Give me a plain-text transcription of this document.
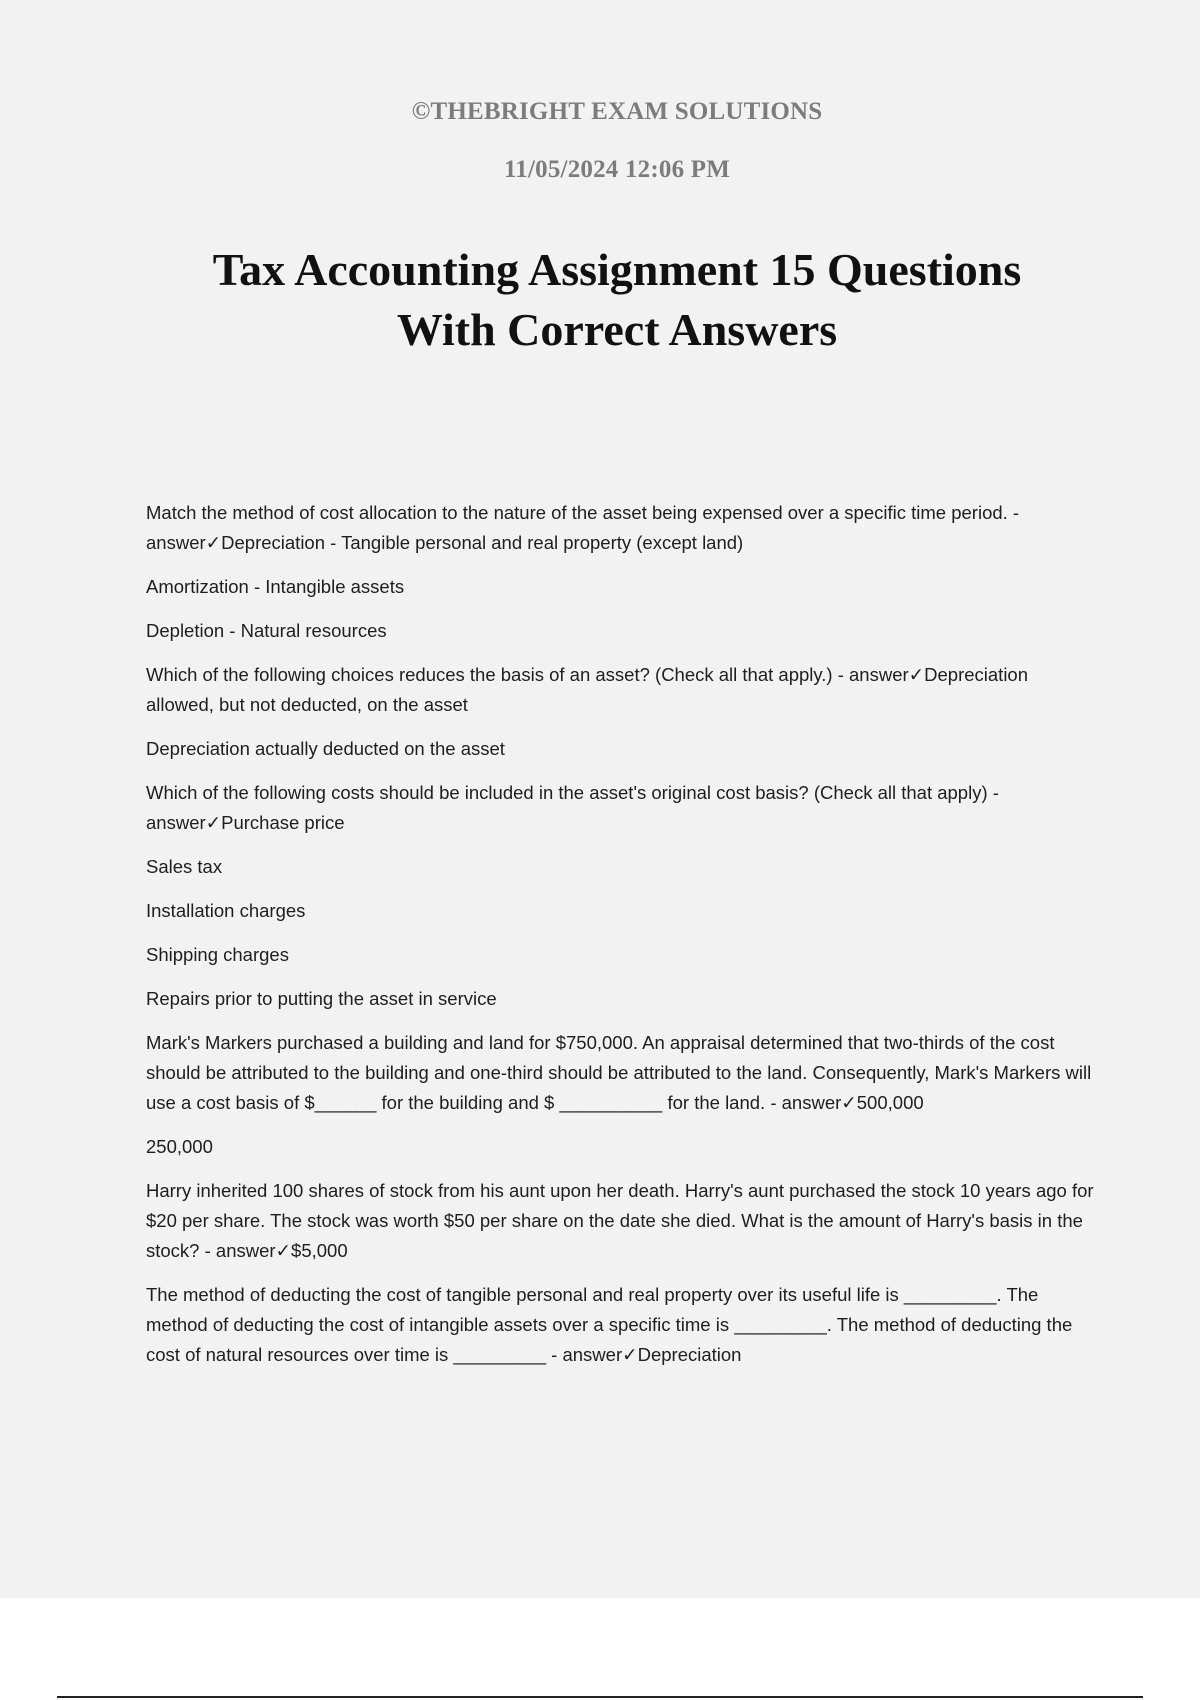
©THEBRIGHT EXAM SOLUTIONS
11/05/2024 12:06 PM
Tax Accounting Assignment 15 Questions
With Correct Answers

Match the method of cost allocation to the nature of the asset being expensed over a specific time period. - answer✓Depreciation - Tangible personal and real property (except land)

Amortization - Intangible assets

Depletion - Natural resources

Which of the following choices reduces the basis of an asset? (Check all that apply.) - answer✓Depreciation allowed, but not deducted, on the asset

Depreciation actually deducted on the asset

Which of the following costs should be included in the asset's original cost basis? (Check all that apply) - answer✓Purchase price

Sales tax

Installation charges

Shipping charges

Repairs prior to putting the asset in service

Mark's Markers purchased a building and land for $750,000. An appraisal determined that two-thirds of the cost should be attributed to the building and one-third should be attributed to the land. Consequently, Mark's Markers will use a cost basis of $______ for the building and $ __________ for the land. - answer✓500,000

250,000

Harry inherited 100 shares of stock from his aunt upon her death. Harry's aunt purchased the stock 10 years ago for $20 per share. The stock was worth $50 per share on the date she died. What is the amount of Harry's basis in the stock? - answer✓$5,000

The method of deducting the cost of tangible personal and real property over its useful life is _________. The method of deducting the cost of intangible assets over a specific time is _________. The method of deducting the cost of natural resources over time is _________ - answer✓Depreciation
